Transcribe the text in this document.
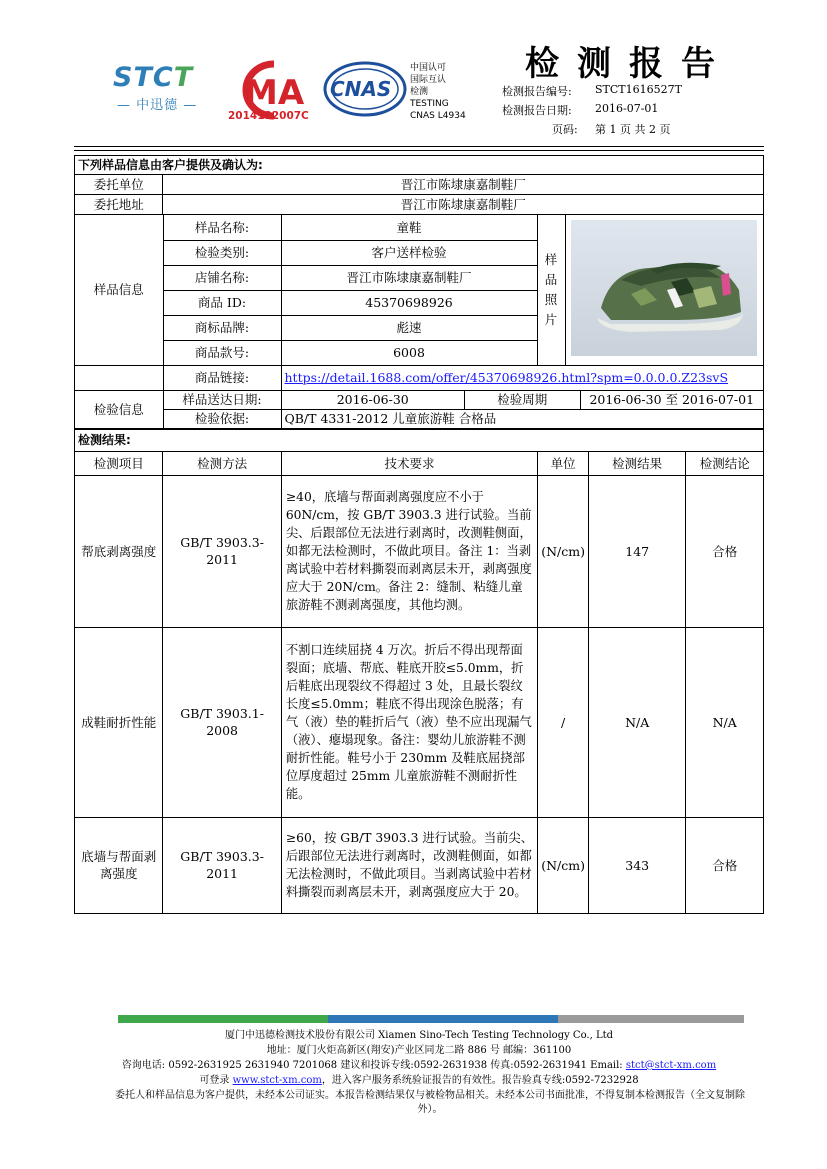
STCT
— 中迅德 — MA
2014132007C
CNAS
中国认可
国际互认
检测
TESTING
CNAS L4934
检测报告
检测报告编号: STCT1616527T
检测报告日期: 2016-07-01
页码: 第 1 页 共 2 页
下列样品信息由客户提供及确认为:
委托单位	晋江市陈埭康嘉制鞋厂
委托地址	晋江市陈埭康嘉制鞋厂

样品信息	样品名称:	童鞋	样
品
照
片	
检验类别:	客户送样检验
店铺名称:	晋江市陈埭康嘉制鞋厂
商品 ID:	45370698926
商标品牌:	彪速
商品款号:	6008
	商品链接:	https://detail.1688.com/offer/45370698926.html?spm=0.0.0.0.Z23svS
检验信息	样品送达日期:		2016-06-30	检验周期	2016-06-30 至 2016-07-01

检验依据:	QB/T 4331-2012 儿童旅游鞋 合格品

检测结果:
检测项目	检测方法	技术要求	单位	检测结果	检测结论
帮底剥离强度	GB/T 3903.3-2011	≥40，底墙与帮面剥离强度应不小于60N/cm，按 GB/T 3903.3 进行试验。当前尖、后跟部位无法进行剥离时，改测鞋侧面，如都无法检测时，不做此项目。备注 1：当剥离试验中若材料撕裂而剥离层未开，剥离强度应大于 20N/cm。备注 2：缝制、粘缝儿童旅游鞋不测剥离强度，其他均测。	(N/cm)	147	合格
成鞋耐折性能	GB/T 3903.1-2008	不割口连续屈挠 4 万次。折后不得出现帮面裂面；底墙、帮底、鞋底开胶≤5.0mm，折后鞋底出现裂纹不得超过 3 处，且最长裂纹长度≤5.0mm；鞋底不得出现涂色脱落；有气（液）垫的鞋折后气（液）垫不应出现漏气（液）、瘪塌现象。备注：婴幼儿旅游鞋不测耐折性能。鞋号小于 230mm 及鞋底屈挠部位厚度超过 25mm 儿童旅游鞋不测耐折性能。	/	N/A	N/A
底墙与帮面剥离强度	GB/T 3903.3-2011	≥60，按 GB/T 3903.3 进行试验。当前尖、后跟部位无法进行剥离时，改测鞋侧面，如都无法检测时，不做此项目。当剥离试验中若材料撕裂而剥离层未开，剥离强度应大于 20。	(N/cm)	343	合格
厦门中迅德检测技术股份有限公司 Xiamen Sino-Tech Testing Technology Co., Ltd
地址：厦门火炬高新区(翔安)产业区同龙二路 886 号 邮编：361100
咨询电话: 0592-2631925 2631940 7201068 建议和投诉专线:0592-2631938 传真:0592-2631941 Email: stct@stct-xm.com
可登录 www.stct-xm.com，进入客户服务系统验证报告的有效性。报告验真专线:0592-7232928
委托人和样品信息为客户提供，未经本公司证实。本报告检测结果仅与被检物品相关。未经本公司书面批准，不得复制本检测报告（全文复制除外）。
